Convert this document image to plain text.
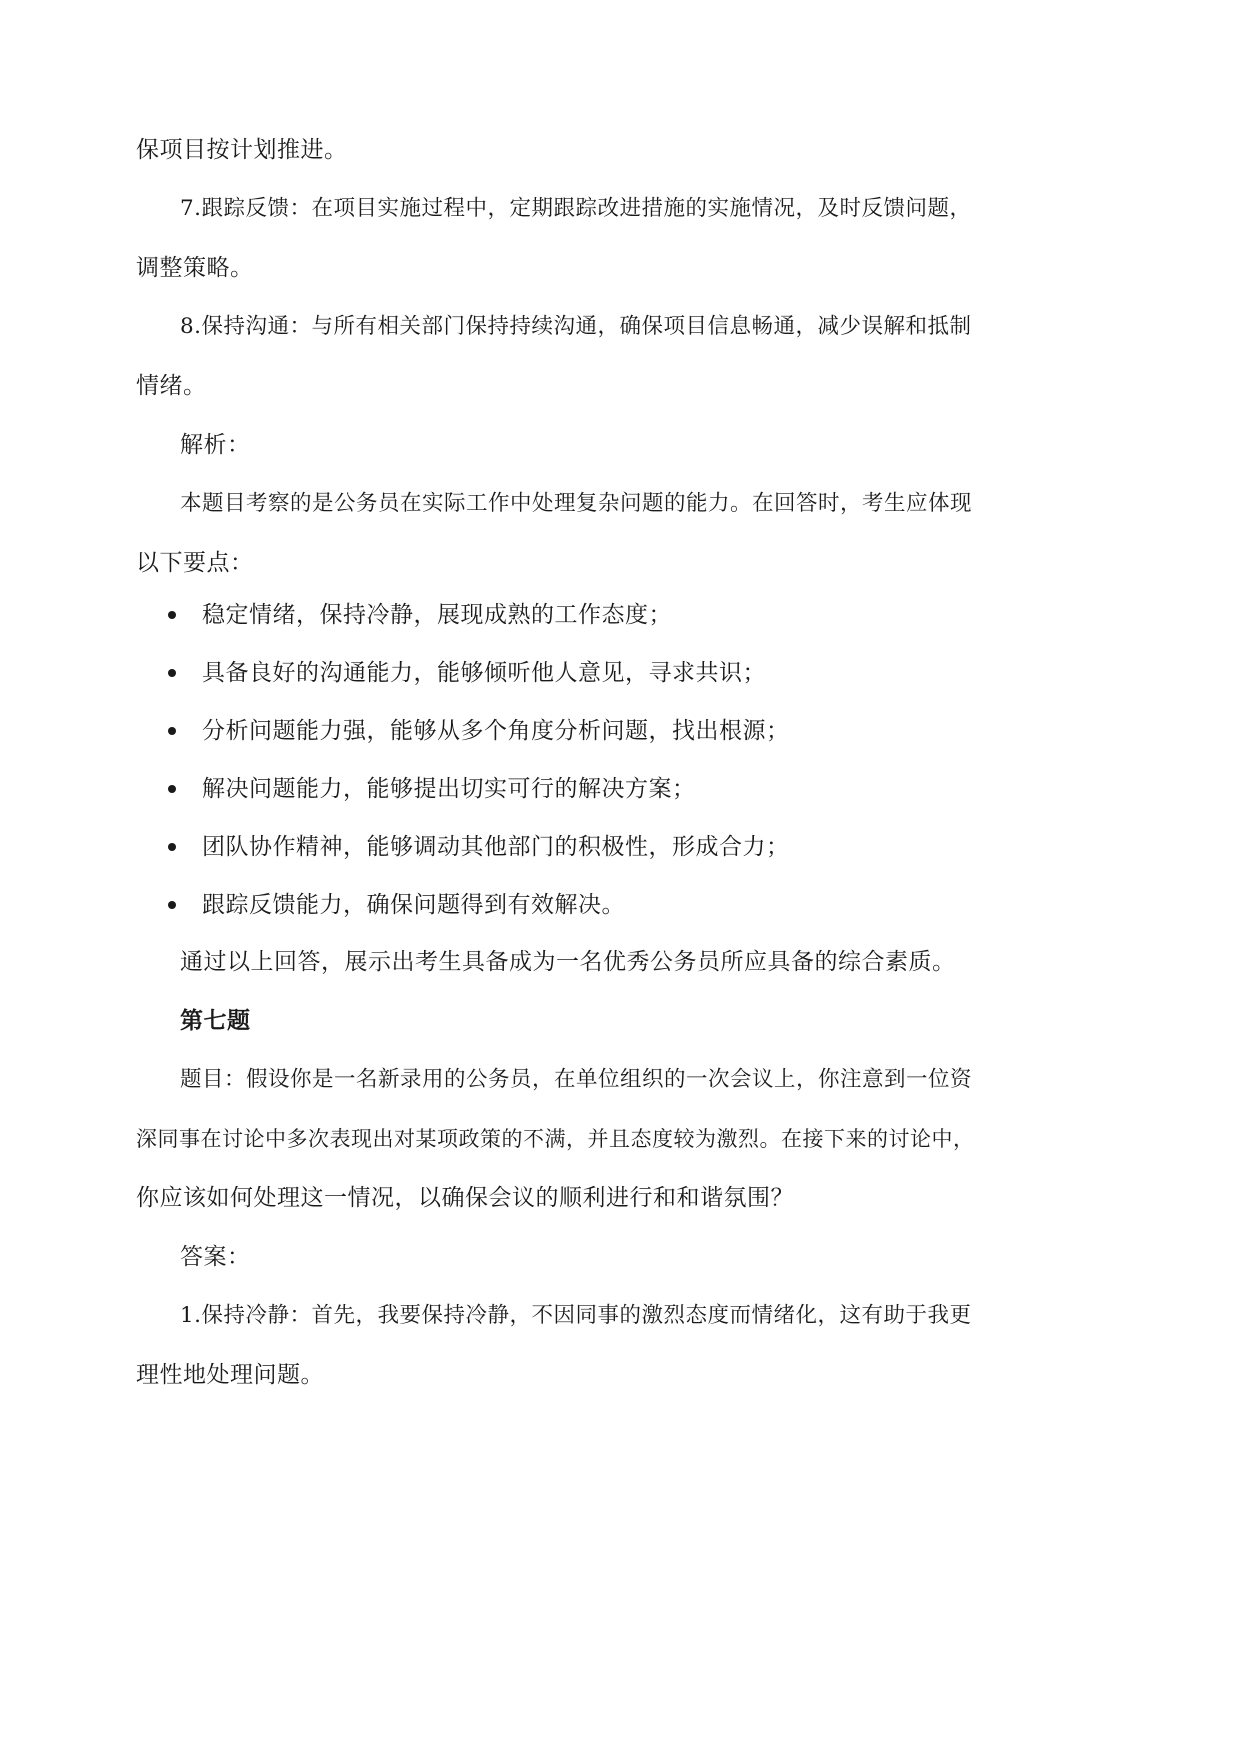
保项目按计划推进。
7.跟踪反馈：在项目实施过程中，定期跟踪改进措施的实施情况，及时反馈问题，
调整策略。
8.保持沟通：与所有相关部门保持持续沟通，确保项目信息畅通，减少误解和抵制
情绪。
解析：
本题目考察的是公务员在实际工作中处理复杂问题的能力。在回答时，考生应体现
以下要点：
稳定情绪，保持冷静，展现成熟的工作态度；
具备良好的沟通能力，能够倾听他人意见，寻求共识；
分析问题能力强，能够从多个角度分析问题，找出根源；
解决问题能力，能够提出切实可行的解决方案；
团队协作精神，能够调动其他部门的积极性，形成合力；
跟踪反馈能力，确保问题得到有效解决。
通过以上回答，展示出考生具备成为一名优秀公务员所应具备的综合素质。
第七题
题目：假设你是一名新录用的公务员，在单位组织的一次会议上，你注意到一位资
深同事在讨论中多次表现出对某项政策的不满，并且态度较为激烈。在接下来的讨论中，
你应该如何处理这一情况，以确保会议的顺利进行和和谐氛围？
答案：
1.保持冷静：首先，我要保持冷静，不因同事的激烈态度而情绪化，这有助于我更
理性地处理问题。
